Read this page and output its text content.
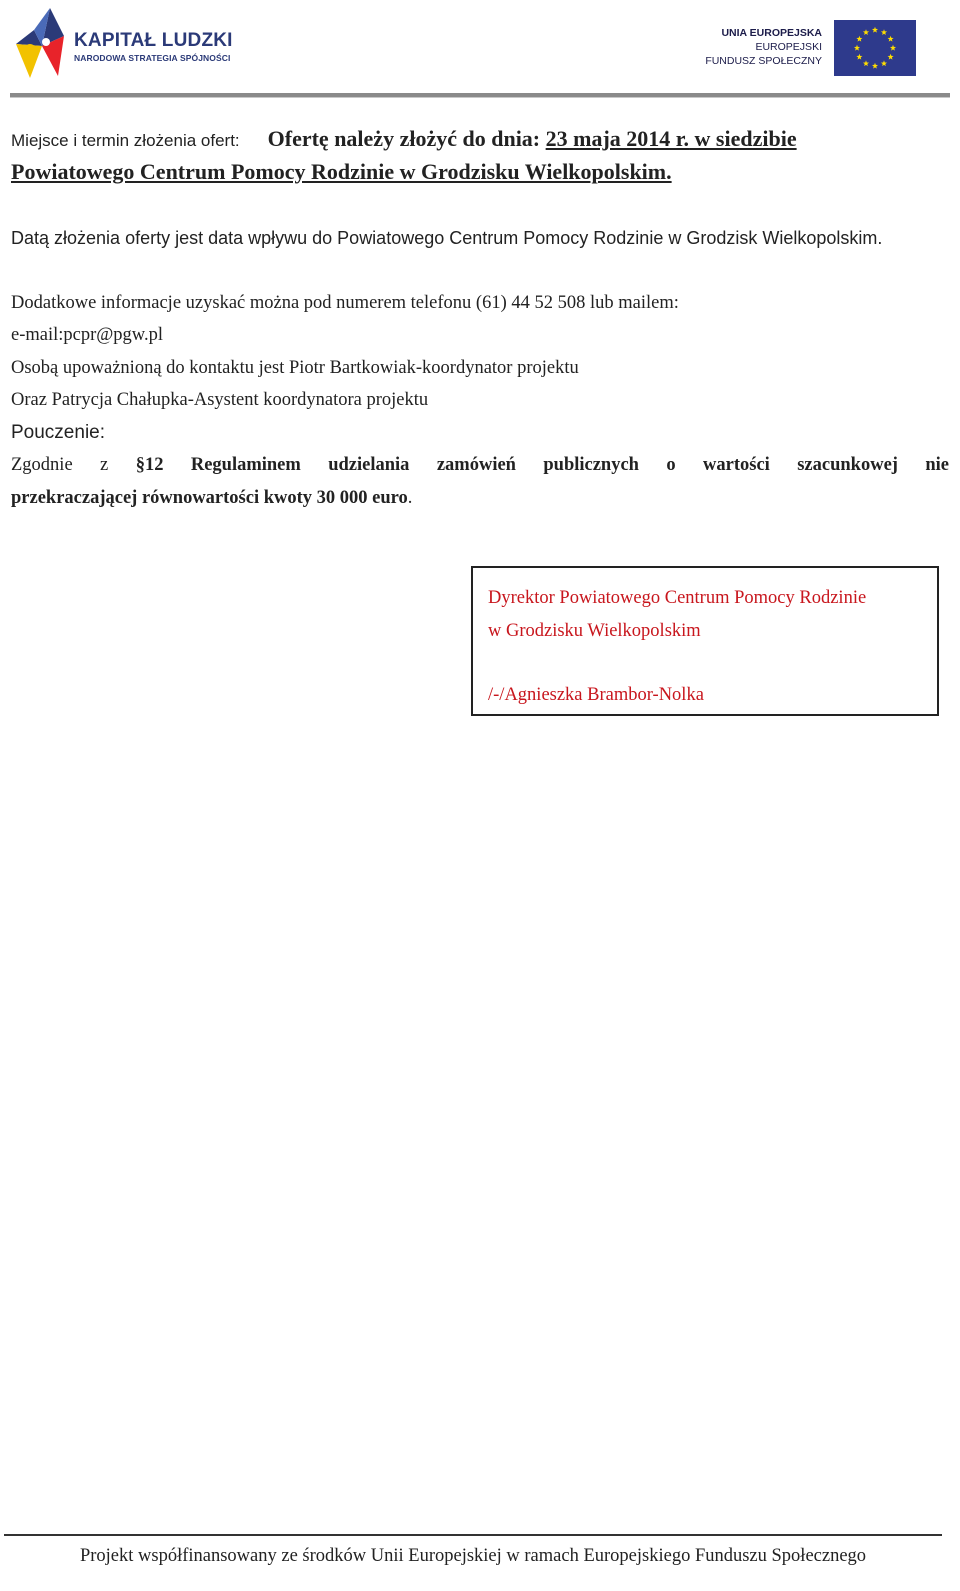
KAPITAŁ LUDZKI
NARODOWA STRATEGIA SPÓJNOŚCI
UNIA EUROPEJSKA
EUROPEJSKI
FUNDUSZ SPOŁECZNY
Miejsce i termin złożenia ofert: Ofertę należy złożyć do dnia: 23 maja 2014 r. w siedzibie
Powiatowego Centrum Pomocy Rodzinie w Grodzisku Wielkopolskim.
Datą złożenia oferty jest data wpływu do Powiatowego Centrum Pomocy Rodzinie w Grodzisk Wielkopolskim.
Dodatkowe informacje uzyskać można pod numerem telefonu (61) 44 52 508 lub mailem:
e-mail:pcpr@pgw.pl
Osobą upoważnioną do kontaktu jest Piotr Bartkowiak-koordynator projektu
Oraz Patrycja Chałupka-Asystent koordynatora projektu
Pouczenie:
Zgodnie z §12 Regulaminem udzielania zamówień publicznych o wartości szacunkowej nie
przekraczającej równowartości kwoty 30 000 euro.
Dyrektor Powiatowego Centrum Pomocy Rodzinie
w Grodzisku Wielkopolskim
/-/Agnieszka Brambor-Nolka
Projekt współfinansowany ze środków Unii Europejskiej w ramach Europejskiego Funduszu Społecznego
